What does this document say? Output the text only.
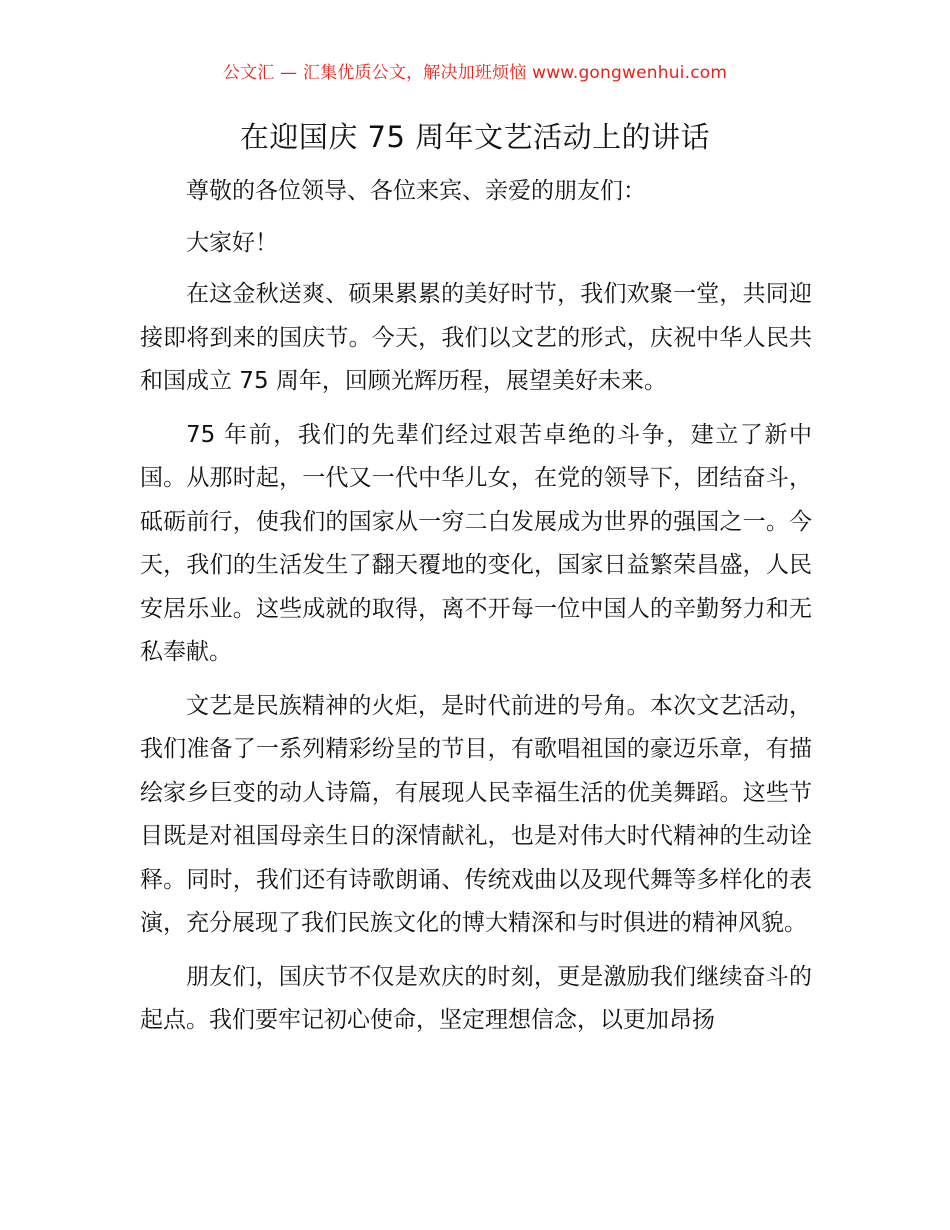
公文汇 — 汇集优质公文，解决加班烦恼 www.gongwenhui.com
在迎国庆 75 周年文艺活动上的讲话

尊敬的各位领导、各位来宾、亲爱的朋友们：

大家好！

在这金秋送爽、硕果累累的美好时节，我们欢聚一堂，共同迎接即将到来的国庆节。今天，我们以文艺的形式，庆祝中华人民共和国成立 75 周年，回顾光辉历程，展望美好未来。

75 年前，我们的先辈们经过艰苦卓绝的斗争，建立了新中国。从那时起，一代又一代中华儿女，在党的领导下，团结奋斗，砥砺前行，使我们的国家从一穷二白发展成为世界的强国之一。今天，我们的生活发生了翻天覆地的变化，国家日益繁荣昌盛，人民安居乐业。这些成就的取得，离不开每一位中国人的辛勤努力和无私奉献。

文艺是民族精神的火炬，是时代前进的号角。本次文艺活动，我们准备了一系列精彩纷呈的节目，有歌唱祖国的豪迈乐章，有描绘家乡巨变的动人诗篇，有展现人民幸福生活的优美舞蹈。这些节目既是对祖国母亲生日的深情献礼，也是对伟大时代精神的生动诠释。同时，我们还有诗歌朗诵、传统戏曲以及现代舞等多样化的表演，充分展现了我们民族文化的博大精深和与时俱进的精神风貌。

朋友们，国庆节不仅是欢庆的时刻，更是激励我们继续奋斗的起点。我们要牢记初心使命，坚定理想信念，以更加昂扬
